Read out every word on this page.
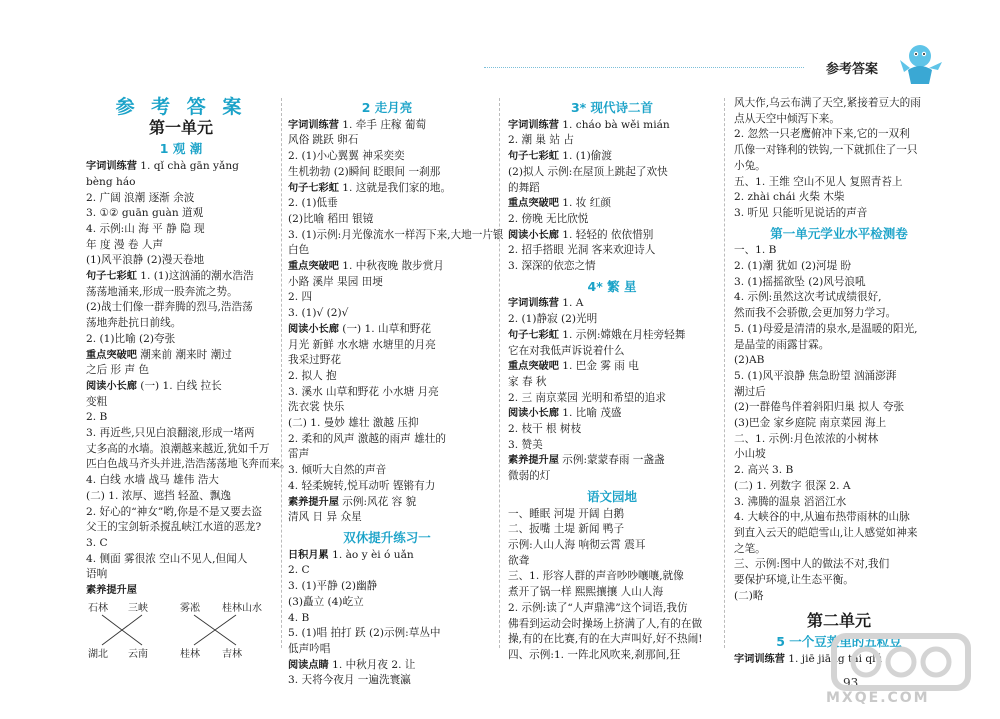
参考答案
参 考 答 案
第一单元
1 观 潮
字词训练营 1. qǐ chà gān yǎng
bèng háo
2. 广阔 浪潮 逐渐 余波
3. ①② guān guàn 道观
4. 示例:山 海 平 静 隐 现
年 度 漫 卷 人声
(1)风平浪静 (2)漫天卷地
句子七彩虹 1. (1)这汹涌的潮水浩浩
荡荡地涌来,形成一股奔流之势。
(2)战士们像一群奔腾的烈马,浩浩荡
荡地奔赴抗日前线。
2. (1)比喻 (2)夸张
重点突破吧 潮来前 潮来时 潮过
之后 形 声 色
阅读小长廊 (一) 1. 白线 拉长
变粗
2. B
3. 再近些,只见白浪翻滚,形成一堵两
丈多高的水墙。浪潮越来越近,犹如千万
匹白色战马齐头并进,浩浩荡荡地飞奔而来。
4. 白线 水墙 战马 雄伟 浩大
(二) 1. 浓厚、遮挡 轻盈、飘逸
2. 好心的“神女”哟,你是不是又要去盗
父王的宝剑斩杀搅乱峡江水道的恶龙?
3. C
4. 侧面 雾很浓 空山不见人,但闻人
语响
素养提升屋
石林 三峡	雾凇 桂林山水
湖北 云南	桂林 吉林
2 走月亮
字词训练营 1. 牵手 庄稼 葡萄
风俗 跳跃 卵石
2. (1)小心翼翼 神采奕奕
生机勃勃 (2)瞬间 眨眼间 一刹那
句子七彩虹 1. 这就是我们家的地。
2. (1)低垂
(2)比喻 稻田 银镜
3. (1)示例:月光像流水一样泻下来,大地一片银
白色
重点突破吧 1. 中秋夜晚 散步赏月
小路 溪岸 果园 田埂
2. 四
3. (1)√ (2)√
阅读小长廊 (一) 1. 山草和野花
月光 新鲜 水水塘 水塘里的月亮
我采过野花
2. 拟人 抱
3. 溪水 山草和野花 小水塘 月亮
洗衣裳 快乐
(二) 1. 曼妙 雄壮 激越 压抑
2. 柔和的风声 激越的雨声 雄壮的
雷声
3. 倾听大自然的声音
4. 轻柔婉转,悦耳动听 铿锵有力
素养提升屋 示例:风花 容 貌
清风 日 异 众星
双休提升练习一
日积月累 1. ào y èi ó uǎn
2. C
3. (1)平静 (2)幽静
(3)矗立 (4)屹立
4. B
5. (1)唱 拍打 跃 (2)示例:草丛中
低声吟唱
阅读点睛 1. 中秋月夜 2. 让
3. 天将今夜月 一遍洗寰瀛
3* 现代诗二首
字词训练营 1. cháo bà wěi mián
2. 潮 巢 站 占
句子七彩虹 1. (1)偷渡
(2)拟人 示例:在屋顶上跳起了欢快
的舞蹈
重点突破吧 1. 妆 红颜
2. 傍晚 无比欣悦
阅读小长廊 1. 轻轻的 依依惜别
2. 招手搭眼 光洞 客来欢迎诗人
3. 深深的依恋之情
4* 繁 星
字词训练营 1. A
2. (1)静寂 (2)光明
句子七彩虹 1. 示例:嫦娥在月桂旁轻舞
它在对我低声诉说着什么
重点突破吧 1. 巴金 雾 雨 电
家 春 秋
2. 三 南京菜园 光明和希望的追求
阅读小长廊 1. 比喻 茂盛
2. 枝干 根 树枝
3. 赞美
素养提升屋 示例:蒙蒙春雨 一盏盏
微弱的灯
语文园地
一、睡眠 河堤 开阔 白鹅
二、扳嘴 土堤 新闻 鸭子
示例:人山人海 响彻云霄 震耳
欲聋
三、1. 形容人群的声音吵吵嚷嚷,就像
煮开了锅一样 熙熙攘攘 人山人海
2. 示例:读了“人声鼎沸”这个词语,我仿
佛看到运动会时操场上挤满了人,有的在做
操,有的在比赛,有的在大声叫好,好不热闹!
四、示例:1. 一阵北风吹来,刹那间,狂
风大作,乌云布满了天空,紧接着豆大的雨
点从天空中倾泻下来。
2. 忽然一只老鹰俯冲下来,它的一双利
爪像一对锋利的铁钩,一下就抓住了一只
小兔。
五、1. 王维 空山不见人 复照青苔上
2. zhài chái 火柴 木柴
3. 听见 只能听见说话的声音
第一单元学业水平检测卷
一、1. B
2. (1)潮 犹如 (2)河堤 盼
3. (1)摇摇欲坠 (2)风号浪吼
4. 示例:虽然这次考试成绩很好,
然而我不会骄傲,会更加努力学习。
5. (1)母爱是清清的泉水,是温暖的阳光,
是晶莹的雨露甘霖。
(2)AB
5. (1)风平浪静 焦急盼望 汹涌澎湃
潮过后
(2)一群倦鸟伴着斜阳归巢 拟人 夸张
(3)巴金 家乡庭院 南京菜园 海上
二、1. 示例:月色浓浓的小树林
小山坡
2. 高兴 3. B
(二) 1. 列数字 很深 2. A
3. 沸腾的温泉 滔滔江水
4. 大峡谷的中,从遍布热带雨林的山脉
到直入云天的皑皑雪山,让人感觉如神来
之笔。
三、示例:图中人的做法不对,我们
要保护环境,让生态平衡。
(二)略
第二单元
5 一个豆荚里的五粒豆
字词训练营 1. jiē jiāng tái qiú
93
MXQE.COM
